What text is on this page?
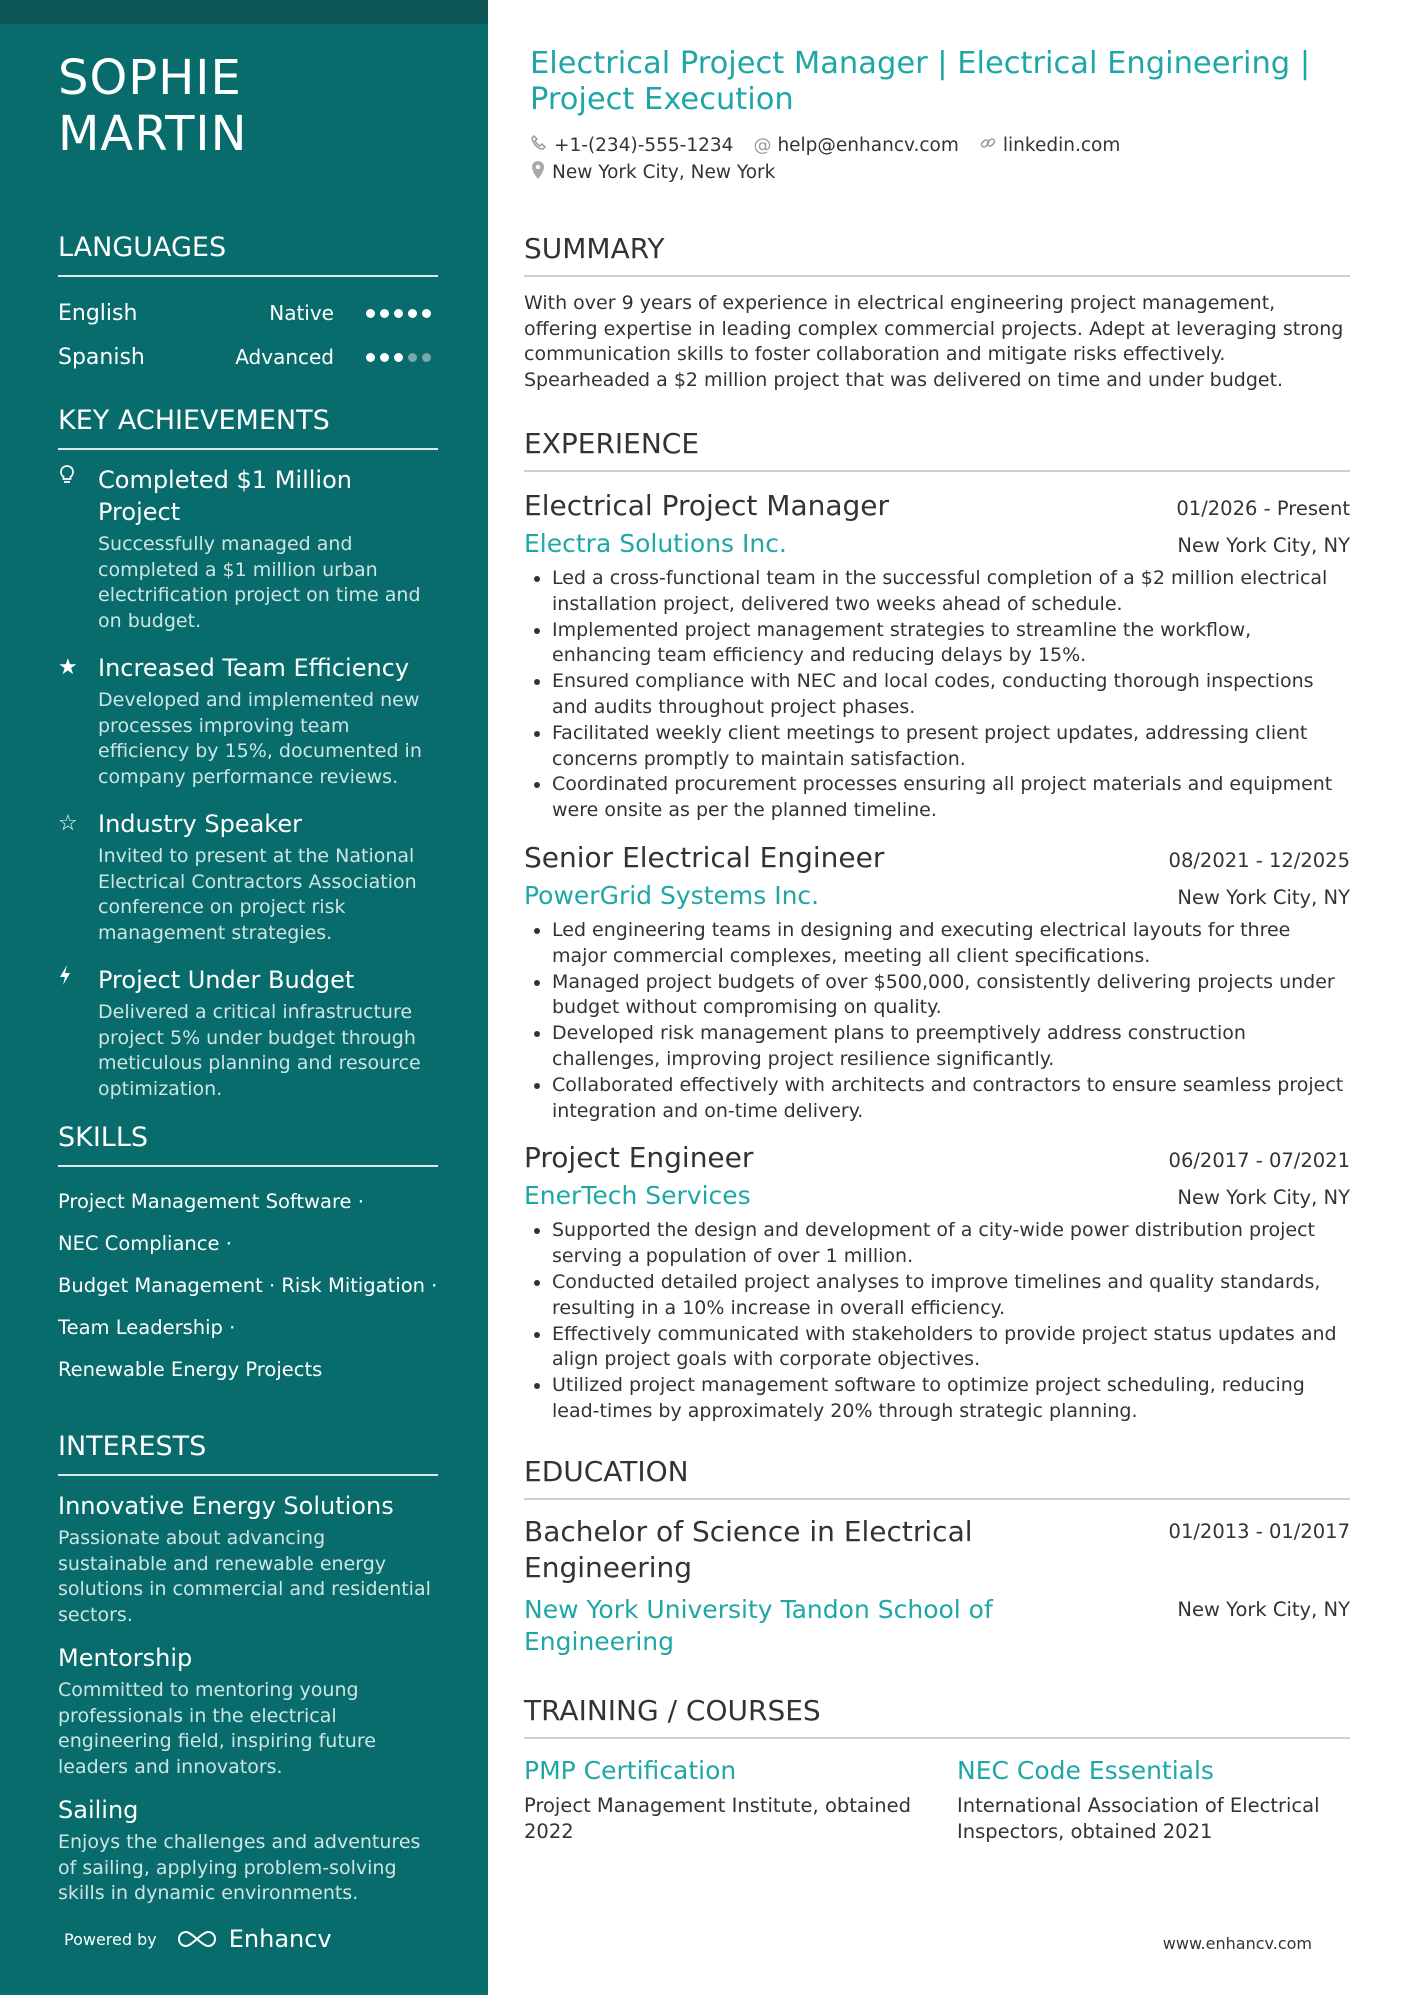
SOPHIE
MARTIN
LANGUAGES
English	Native
Spanish	Advanced
KEY ACHIEVEMENTS
Completed $1 Million Project
Successfully managed and completed a $1 million urban electrification project on time and on budget.
★ Increased Team Efficiency
Developed and implemented new processes improving team efficiency by 15%, documented in company performance reviews.
☆ Industry Speaker
Invited to present at the National Electrical Contractors Association conference on project risk management strategies.
Project Under Budget
Delivered a critical infrastructure project 5% under budget through meticulous planning and resource optimization.
SKILLS
Project Management Software ·
NEC Compliance ·
Budget Management · Risk Mitigation ·
Team Leadership ·
Renewable Energy Projects
INTERESTS
Innovative Energy Solutions
Passionate about advancing sustainable and renewable energy solutions in commercial and residential sectors.
Mentorship
Committed to mentoring young professionals in the electrical engineering field, inspiring future leaders and innovators.
Sailing
Enjoys the challenges and adventures of sailing, applying problem-solving skills in dynamic environments.
Powered by	Enhancv
Electrical Project Manager | Electrical Engineering | Project Execution
+1-(234)-555-1234 @ help@enhancv.com linkedin.com
New York City, New York
SUMMARY

With over 9 years of experience in electrical engineering project management, offering expertise in leading complex commercial projects. Adept at leveraging strong communication skills to foster collaboration and mitigate risks effectively. Spearheaded a $2 million project that was delivered on time and under budget.

EXPERIENCE
Electrical Project Manager	01/2026 - Present
Electra Solutions Inc.	New York City, NY
• Led a cross-functional team in the successful completion of a $2 million electrical installation project, delivered two weeks ahead of schedule.
• Implemented project management strategies to streamline the workflow, enhancing team efficiency and reducing delays by 15%.
• Ensured compliance with NEC and local codes, conducting thorough inspections and audits throughout project phases.
• Facilitated weekly client meetings to present project updates, addressing client concerns promptly to maintain satisfaction.
• Coordinated procurement processes ensuring all project materials and equipment were onsite as per the planned timeline.
Senior Electrical Engineer	08/2021 - 12/2025
PowerGrid Systems Inc.	New York City, NY
• Led engineering teams in designing and executing electrical layouts for three major commercial complexes, meeting all client specifications.
• Managed project budgets of over $500,000, consistently delivering projects under budget without compromising on quality.
• Developed risk management plans to preemptively address construction challenges, improving project resilience significantly.
• Collaborated effectively with architects and contractors to ensure seamless project integration and on-time delivery.
Project Engineer	06/2017 - 07/2021
EnerTech Services	New York City, NY
• Supported the design and development of a city-wide power distribution project serving a population of over 1 million.
• Conducted detailed project analyses to improve timelines and quality standards, resulting in a 10% increase in overall efficiency.
• Effectively communicated with stakeholders to provide project status updates and align project goals with corporate objectives.
• Utilized project management software to optimize project scheduling, reducing lead-times by approximately 20% through strategic planning.
EDUCATION
Bachelor of Science in Electrical Engineering
01/2013 - 01/2017
New York University Tandon School of Engineering
New York City, NY
TRAINING / COURSES
PMP Certification
Project Management Institute, obtained 2022
NEC Code Essentials
International Association of Electrical Inspectors, obtained 2021
www.enhancv.com
